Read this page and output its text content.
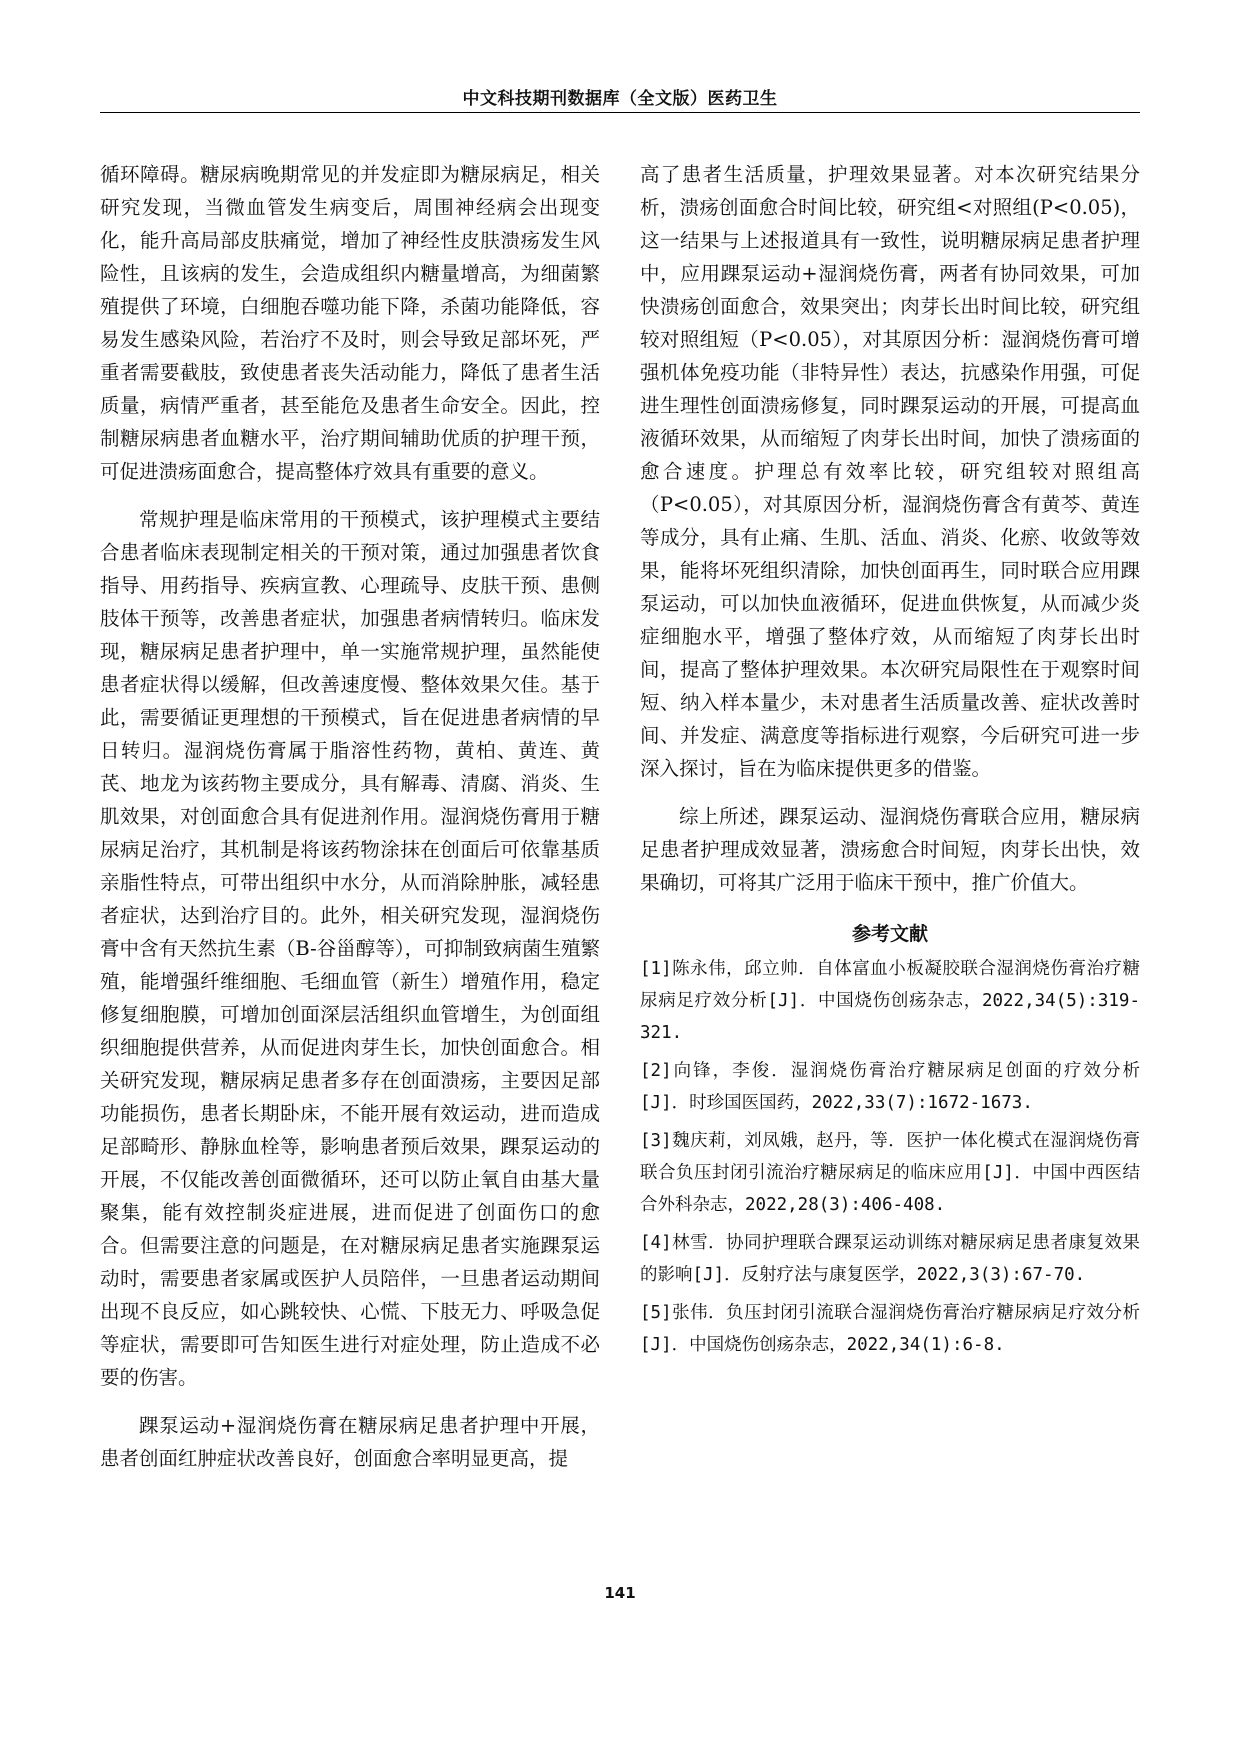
中文科技期刊数据库（全文版）医药卫生

循环障碍。糖尿病晚期常见的并发症即为糖尿病足，相关研究发现，当微血管发生病变后，周围神经病会出现变化，能升高局部皮肤痛觉，增加了神经性皮肤溃疡发生风险性，且该病的发生，会造成组织内糖量增高，为细菌繁殖提供了环境，白细胞吞噬功能下降，杀菌功能降低，容易发生感染风险，若治疗不及时，则会导致足部坏死，严重者需要截肢，致使患者丧失活动能力，降低了患者生活质量，病情严重者，甚至能危及患者生命安全。因此，控制糖尿病患者血糖水平，治疗期间辅助优质的护理干预，可促进溃疡面愈合，提高整体疗效具有重要的意义。

常规护理是临床常用的干预模式，该护理模式主要结合患者临床表现制定相关的干预对策，通过加强患者饮食指导、用药指导、疾病宣教、心理疏导、皮肤干预、患侧肢体干预等，改善患者症状，加强患者病情转归。临床发现，糖尿病足患者护理中，单一实施常规护理，虽然能使患者症状得以缓解，但改善速度慢、整体效果欠佳。基于此，需要循证更理想的干预模式，旨在促进患者病情的早日转归。湿润烧伤膏属于脂溶性药物，黄柏、黄连、黄芪、地龙为该药物主要成分，具有解毒、清腐、消炎、生肌效果，对创面愈合具有促进剂作用。湿润烧伤膏用于糖尿病足治疗，其机制是将该药物涂抹在创面后可依靠基质亲脂性特点，可带出组织中水分，从而消除肿胀，减轻患者症状，达到治疗目的。此外，相关研究发现，湿润烧伤膏中含有天然抗生素（B-谷甾醇等），可抑制致病菌生殖繁殖，能增强纤维细胞、毛细血管（新生）增殖作用，稳定修复细胞膜，可增加创面深层活组织血管增生，为创面组织细胞提供营养，从而促进肉芽生长，加快创面愈合。相关研究发现，糖尿病足患者多存在创面溃疡，主要因足部功能损伤，患者长期卧床，不能开展有效运动，进而造成足部畸形、静脉血栓等，影响患者预后效果，踝泵运动的开展，不仅能改善创面微循环，还可以防止氧自由基大量聚集，能有效控制炎症进展，进而促进了创面伤口的愈合。但需要注意的问题是，在对糖尿病足患者实施踝泵运动时，需要患者家属或医护人员陪伴，一旦患者运动期间出现不良反应，如心跳较快、心慌、下肢无力、呼吸急促等症状，需要即可告知医生进行对症处理，防止造成不必要的伤害。

踝泵运动+湿润烧伤膏在糖尿病足患者护理中开展，患者创面红肿症状改善良好，创面愈合率明显更高，提

高了患者生活质量，护理效果显著。对本次研究结果分析，溃疡创面愈合时间比较，研究组<对照组(P<0.05)，这一结果与上述报道具有一致性，说明糖尿病足患者护理中，应用踝泵运动+湿润烧伤膏，两者有协同效果，可加快溃疡创面愈合，效果突出；肉芽长出时间比较，研究组较对照组短（P<0.05），对其原因分析：湿润烧伤膏可增强机体免疫功能（非特异性）表达，抗感染作用强，可促进生理性创面溃疡修复，同时踝泵运动的开展，可提高血液循环效果，从而缩短了肉芽长出时间，加快了溃疡面的愈合速度。护理总有效率比较，研究组较对照组高（P<0.05），对其原因分析，湿润烧伤膏含有黄芩、黄连等成分，具有止痛、生肌、活血、消炎、化瘀、收敛等效果，能将坏死组织清除，加快创面再生，同时联合应用踝泵运动，可以加快血液循环，促进血供恢复，从而减少炎症细胞水平，增强了整体疗效，从而缩短了肉芽长出时间，提高了整体护理效果。本次研究局限性在于观察时间短、纳入样本量少，未对患者生活质量改善、症状改善时间、并发症、满意度等指标进行观察，今后研究可进一步深入探讨，旨在为临床提供更多的借鉴。

综上所述，踝泵运动、湿润烧伤膏联合应用，糖尿病足患者护理成效显著，溃疡愈合时间短，肉芽长出快，效果确切，可将其广泛用于临床干预中，推广价值大。

参考文献

[1]陈永伟，邱立帅．自体富血小板凝胶联合湿润烧伤膏治疗糖尿病足疗效分析[J]．中国烧伤创疡杂志，2022,34(5):319-321.

[2]向锋，李俊．湿润烧伤膏治疗糖尿病足创面的疗效分析[J]．时珍国医国药，2022,33(7):1672-1673.

[3]魏庆莉，刘凤娥，赵丹，等．医护一体化模式在湿润烧伤膏联合负压封闭引流治疗糖尿病足的临床应用[J]．中国中西医结合外科杂志，2022,28(3):406-408.

[4]林雪．协同护理联合踝泵运动训练对糖尿病足患者康复效果的影响[J]．反射疗法与康复医学，2022,3(3):67-70.

[5]张伟．负压封闭引流联合湿润烧伤膏治疗糖尿病足疗效分析[J]．中国烧伤创疡杂志，2022,34(1):6-8.

141
